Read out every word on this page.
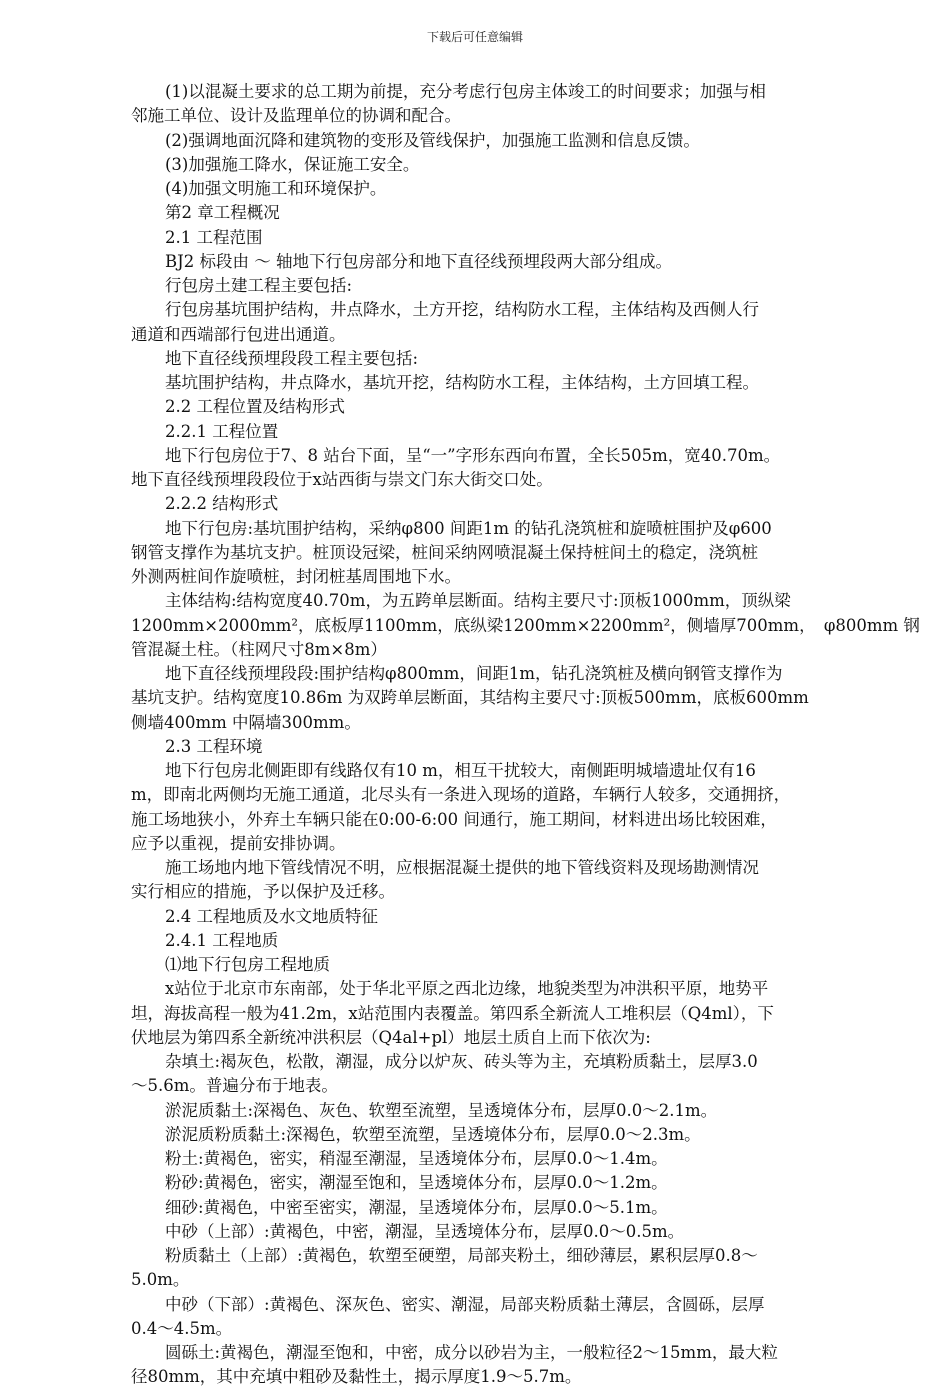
下载后可任意编辑
(1)以混凝土要求的总工期为前提，充分考虑行包房主体竣工的时间要求；加强与相
邻施工单位、设计及监理单位的协调和配合。
(2)强调地面沉降和建筑物的变形及管线保护，加强施工监测和信息反馈。
(3)加强施工降水，保证施工安全。
(4)加强文明施工和环境保护。
第2 章工程概况
2.1 工程范围
BJ2 标段由 ～ 轴地下行包房部分和地下直径线预埋段两大部分组成。
行包房土建工程主要包括:
行包房基坑围护结构，井点降水，土方开挖，结构防水工程，主体结构及西侧人行
通道和西端部行包进出通道。
地下直径线预埋段段工程主要包括:
基坑围护结构，井点降水，基坑开挖，结构防水工程，主体结构，土方回填工程。
2.2 工程位置及结构形式
2.2.1 工程位置
地下行包房位于7、8 站台下面，呈“一”字形东西向布置，全长505m，宽40.70m。
地下直径线预埋段段位于x站西街与崇文门东大街交口处。
2.2.2 结构形式
地下行包房:基坑围护结构，采纳φ800 间距1m 的钻孔浇筑桩和旋喷桩围护及φ600
钢管支撑作为基坑支护。桩顶设冠梁，桩间采纳网喷混凝土保持桩间土的稳定，浇筑桩
外测两桩间作旋喷桩，封闭桩基周围地下水。
主体结构:结构宽度40.70m，为五跨单层断面。结构主要尺寸:顶板1000mm，顶纵梁
1200mm×2000mm²，底板厚1100mm，底纵梁1200mm×2200mm²，侧墙厚700mm，　φ800mm 钢
管混凝土柱。（柱网尺寸8m×8m）
地下直径线预埋段段:围护结构φ800mm，间距1m，钻孔浇筑桩及横向钢管支撑作为
基坑支护。结构宽度10.86m 为双跨单层断面，其结构主要尺寸:顶板500mm，底板600mm
侧墙400mm 中隔墙300mm。
2.3 工程环境
地下行包房北侧距即有线路仅有10 m，相互干扰较大，南侧距明城墙遗址仅有16
m，即南北两侧均无施工通道，北尽头有一条进入现场的道路，车辆行人较多，交通拥挤，
施工场地狭小，外弃土车辆只能在0:00-6:00 间通行，施工期间，材料进出场比较困难，
应予以重视，提前安排协调。
施工场地内地下管线情况不明，应根据混凝土提供的地下管线资料及现场勘测情况
实行相应的措施，予以保护及迁移。
2.4 工程地质及水文地质特征
2.4.1 工程地质
⑴地下行包房工程地质
x站位于北京市东南部，处于华北平原之西北边缘，地貌类型为冲洪积平原，地势平
坦，海拔高程一般为41.2m，x站范围内表覆盖。第四系全新流人工堆积层（Q4ml），下
伏地层为第四系全新统冲洪积层（Q4al+pl）地层土质自上而下依次为:
杂填土:褐灰色，松散，潮湿，成分以炉灰、砖头等为主，充填粉质黏土，层厚3.0
～5.6m。普遍分布于地表。
淤泥质黏土:深褐色、灰色、软塑至流塑，呈透境体分布，层厚0.0～2.1m。
淤泥质粉质黏土:深褐色，软塑至流塑，呈透境体分布，层厚0.0～2.3m。
粉土:黄褐色，密实，稍湿至潮湿，呈透境体分布，层厚0.0～1.4m。
粉砂:黄褐色，密实，潮湿至饱和，呈透境体分布，层厚0.0～1.2m。
细砂:黄褐色，中密至密实，潮湿，呈透境体分布，层厚0.0～5.1m。
中砂（上部）:黄褐色，中密，潮湿，呈透境体分布，层厚0.0～0.5m。
粉质黏土（上部）:黄褐色，软塑至硬塑，局部夹粉土，细砂薄层，累积层厚0.8～
5.0m。
中砂（下部）:黄褐色、深灰色、密实、潮湿，局部夹粉质黏土薄层，含圆砾，层厚
0.4～4.5m。
圆砾土:黄褐色，潮湿至饱和，中密，成分以砂岩为主，一般粒径2～15mm，最大粒
径80mm，其中充填中粗砂及黏性土，揭示厚度1.9～5.7m。
